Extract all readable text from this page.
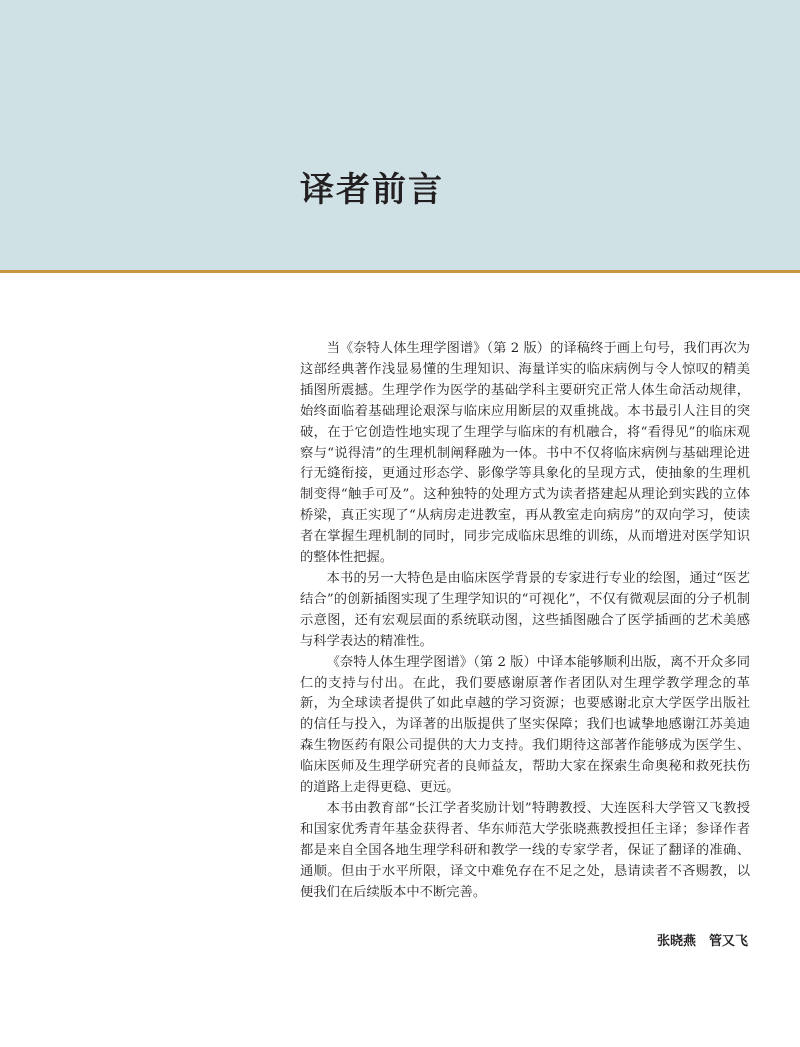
译者前言

当《奈特人体生理学图谱》（第 2 版）的译稿终于画上句号，我们再次为这部经典著作浅显易懂的生理知识、海量详实的临床病例与令人惊叹的精美插图所震撼。生理学作为医学的基础学科主要研究正常人体生命活动规律，始终面临着基础理论艰深与临床应用断层的双重挑战。本书最引人注目的突破，在于它创造性地实现了生理学与临床的有机融合，将“看得见”的临床观察与“说得清”的生理机制阐释融为一体。书中不仅将临床病例与基础理论进行无缝衔接，更通过形态学、影像学等具象化的呈现方式，使抽象的生理机制变得“触手可及”。这种独特的处理方式为读者搭建起从理论到实践的立体桥梁，真正实现了“从病房走进教室，再从教室走向病房”的双向学习，使读者在掌握生理机制的同时，同步完成临床思维的训练，从而增进对医学知识的整体性把握。

本书的另一大特色是由临床医学背景的专家进行专业的绘图，通过“医艺结合”的创新插图实现了生理学知识的“可视化”，不仅有微观层面的分子机制示意图，还有宏观层面的系统联动图，这些插图融合了医学插画的艺术美感与科学表达的精准性。

《奈特人体生理学图谱》（第 2 版）中译本能够顺利出版，离不开众多同仁的支持与付出。在此，我们要感谢原著作者团队对生理学教学理念的革新，为全球读者提供了如此卓越的学习资源；也要感谢北京大学医学出版社的信任与投入，为译著的出版提供了坚实保障；我们也诚挚地感谢江苏美迪森生物医药有限公司提供的大力支持。我们期待这部著作能够成为医学生、临床医师及生理学研究者的良师益友，帮助大家在探索生命奥秘和救死扶伤的道路上走得更稳、更远。

本书由教育部“长江学者奖励计划”特聘教授、大连医科大学管又飞教授和国家优秀青年基金获得者、华东师范大学张晓燕教授担任主译；参译作者都是来自全国各地生理学科研和教学一线的专家学者，保证了翻译的准确、通顺。但由于水平所限，译文中难免存在不足之处，恳请读者不吝赐教，以便我们在后续版本中不断完善。

张晓燕　管又飞
